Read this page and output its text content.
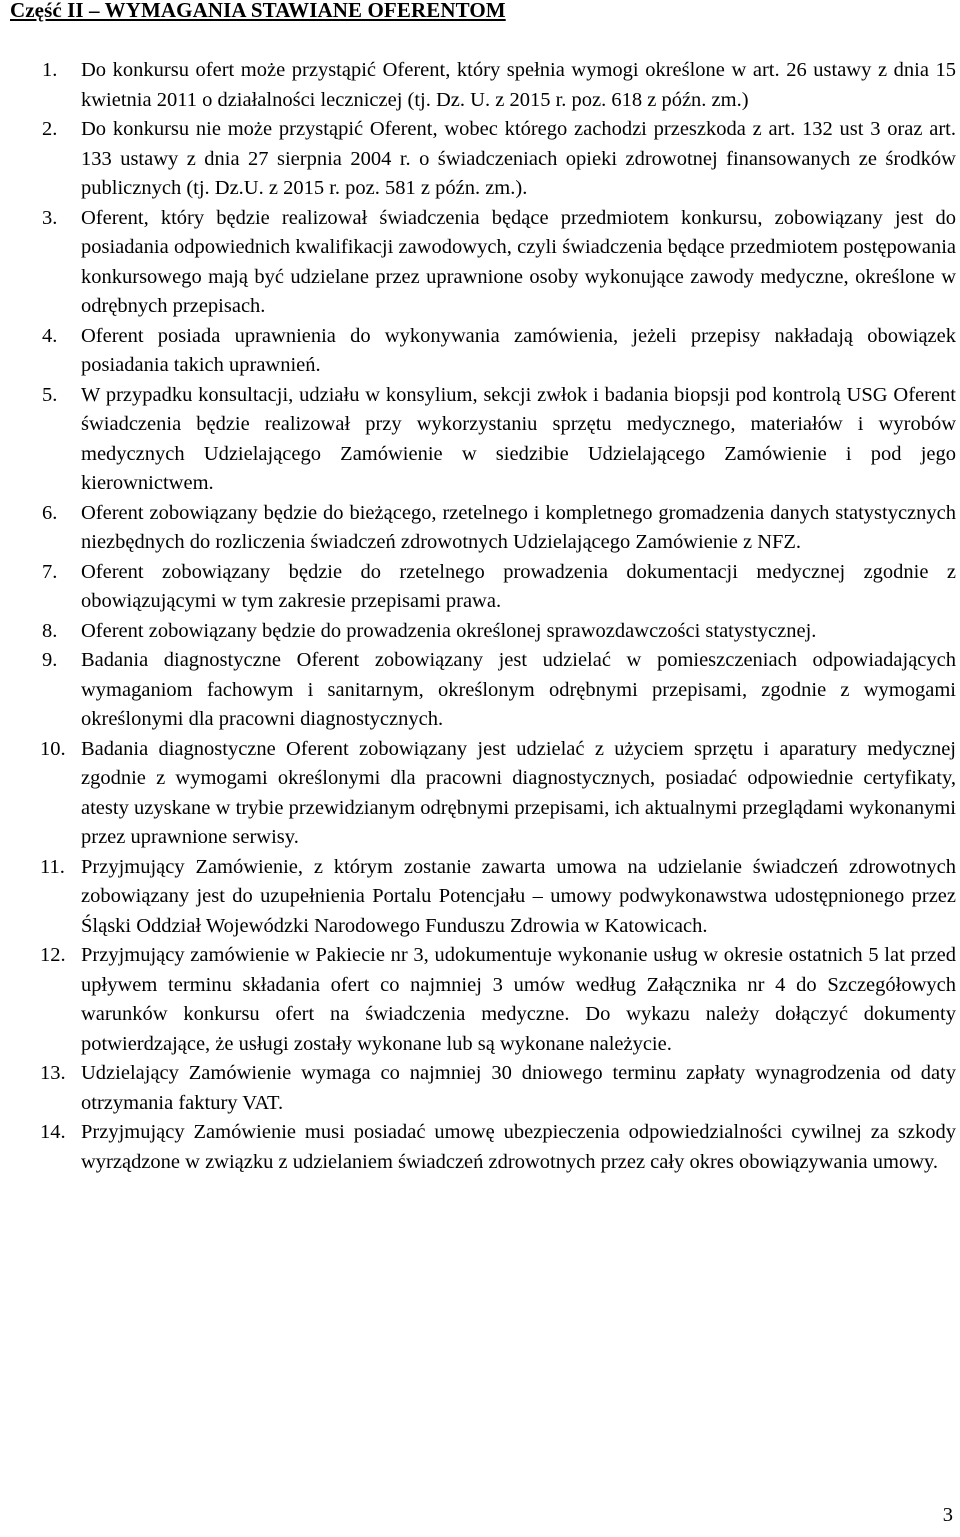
Część II – WYMAGANIA STAWIANE OFERENTOM
1. Do konkursu ofert może przystąpić Oferent, który spełnia wymogi określone w art. 26 ustawy z dnia 15 kwietnia 2011 o działalności leczniczej (tj. Dz. U. z 2015 r. poz. 618 z późn. zm.)
2. Do konkursu nie może przystąpić Oferent, wobec którego zachodzi przeszkoda z art. 132 ust 3 oraz art. 133 ustawy z dnia 27 sierpnia 2004 r. o świadczeniach opieki zdrowotnej finansowanych ze środków publicznych (tj. Dz.U. z 2015 r. poz. 581 z późn. zm.).
3. Oferent, który będzie realizował świadczenia będące przedmiotem konkursu, zobowiązany jest do posiadania odpowiednich kwalifikacji zawodowych, czyli świadczenia będące przedmiotem postępowania konkursowego mają być udzielane przez uprawnione osoby wykonujące zawody medyczne, określone w odrębnych przepisach.
4. Oferent posiada uprawnienia do wykonywania zamówienia, jeżeli przepisy nakładają obowiązek posiadania takich uprawnień.
5. W przypadku konsultacji, udziału w konsylium, sekcji zwłok i badania biopsji pod kontrolą USG Oferent świadczenia będzie realizował przy wykorzystaniu sprzętu medycznego, materiałów i wyrobów medycznych Udzielającego Zamówienie w siedzibie Udzielającego Zamówienie i pod jego kierownictwem.
6. Oferent zobowiązany będzie do bieżącego, rzetelnego i kompletnego gromadzenia danych statystycznych niezbędnych do rozliczenia świadczeń zdrowotnych Udzielającego Zamówienie z NFZ.
7. Oferent zobowiązany będzie do rzetelnego prowadzenia dokumentacji medycznej zgodnie z obowiązującymi w tym zakresie przepisami prawa.
8. Oferent zobowiązany będzie do prowadzenia określonej sprawozdawczości statystycznej.
9. Badania diagnostyczne Oferent zobowiązany jest udzielać w pomieszczeniach odpowiadających wymaganiom fachowym i sanitarnym, określonym odrębnymi przepisami, zgodnie z wymogami określonymi dla pracowni diagnostycznych.
10. Badania diagnostyczne Oferent zobowiązany jest udzielać z użyciem sprzętu i aparatury medycznej zgodnie z wymogami określonymi dla pracowni diagnostycznych, posiadać odpowiednie certyfikaty, atesty uzyskane w trybie przewidzianym odrębnymi przepisami, ich aktualnymi przeglądami wykonanymi przez uprawnione serwisy.
11. Przyjmujący Zamówienie, z którym zostanie zawarta umowa na udzielanie świadczeń zdrowotnych zobowiązany jest do uzupełnienia Portalu Potencjału – umowy podwykonawstwa udostępnionego przez Śląski Oddział Wojewódzki Narodowego Funduszu Zdrowia w Katowicach.
12. Przyjmujący zamówienie w Pakiecie nr 3, udokumentuje wykonanie usług w okresie ostatnich 5 lat przed upływem terminu składania ofert co najmniej 3 umów według Załącznika nr 4 do Szczegółowych warunków konkursu ofert na świadczenia medyczne. Do wykazu należy dołączyć dokumenty potwierdzające, że usługi zostały wykonane lub są wykonane należycie.
13. Udzielający Zamówienie wymaga co najmniej 30 dniowego terminu zapłaty wynagrodzenia od daty otrzymania faktury VAT.
14. Przyjmujący Zamówienie musi posiadać umowę ubezpieczenia odpowiedzialności cywilnej za szkody wyrządzone w związku z udzielaniem świadczeń zdrowotnych przez cały okres obowiązywania umowy.
3
